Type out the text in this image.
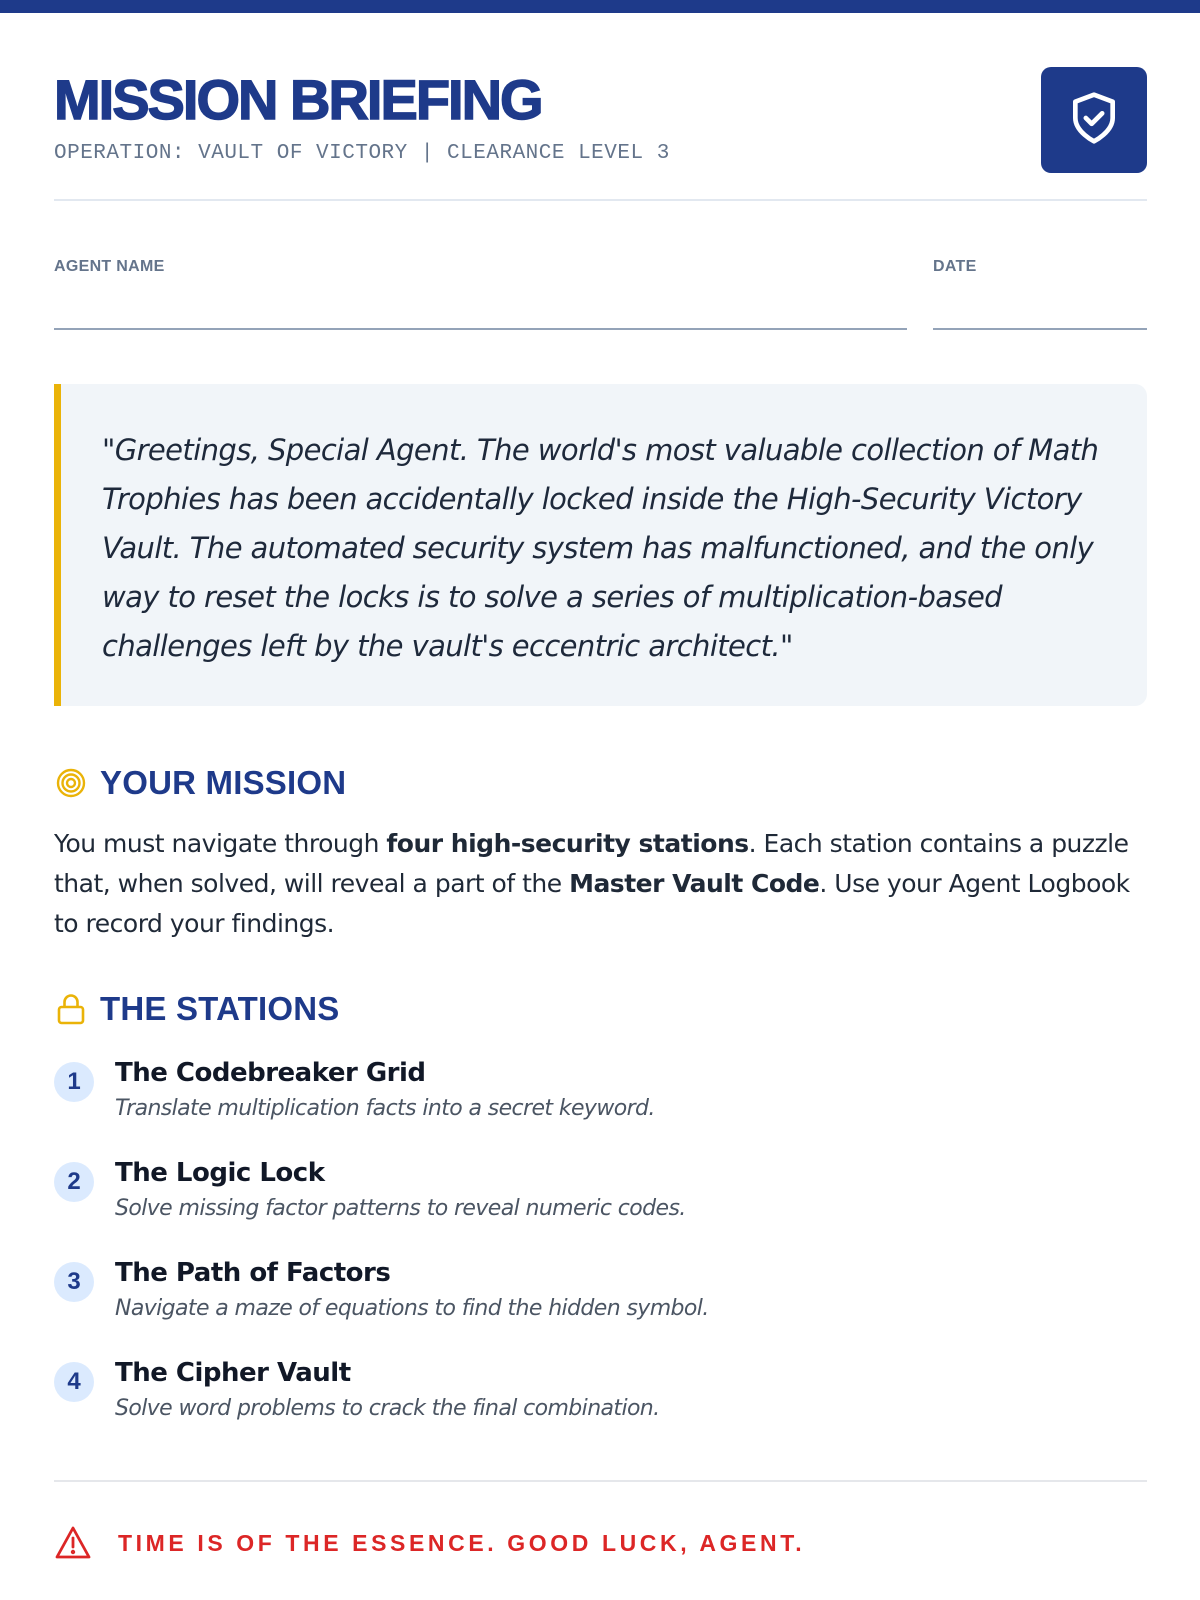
MISSION BRIEFING
OPERATION: VAULT OF VICTORY | CLEARANCE LEVEL 3
AGENT NAME	DATE
"Greetings, Special Agent. The world's most valuable collection of Math Trophies has been accidentally locked inside the High-Security Victory Vault. The automated security system has malfunctioned, and the only way to reset the locks is to solve a series of multiplication-based challenges left by the vault's eccentric architect."
YOUR MISSION
You must navigate through four high-security stations. Each station contains a puzzle that, when solved, will reveal a part of the Master Vault Code. Use your Agent Logbook to record your findings.
THE STATIONS
1	The Codebreaker Grid
Translate multiplication facts into a secret keyword.
2	The Logic Lock
Solve missing factor patterns to reveal numeric codes.
3	The Path of Factors
Navigate a maze of equations to find the hidden symbol.
4	The Cipher Vault
Solve word problems to crack the final combination.
TIME IS OF THE ESSENCE. GOOD LUCK, AGENT.
